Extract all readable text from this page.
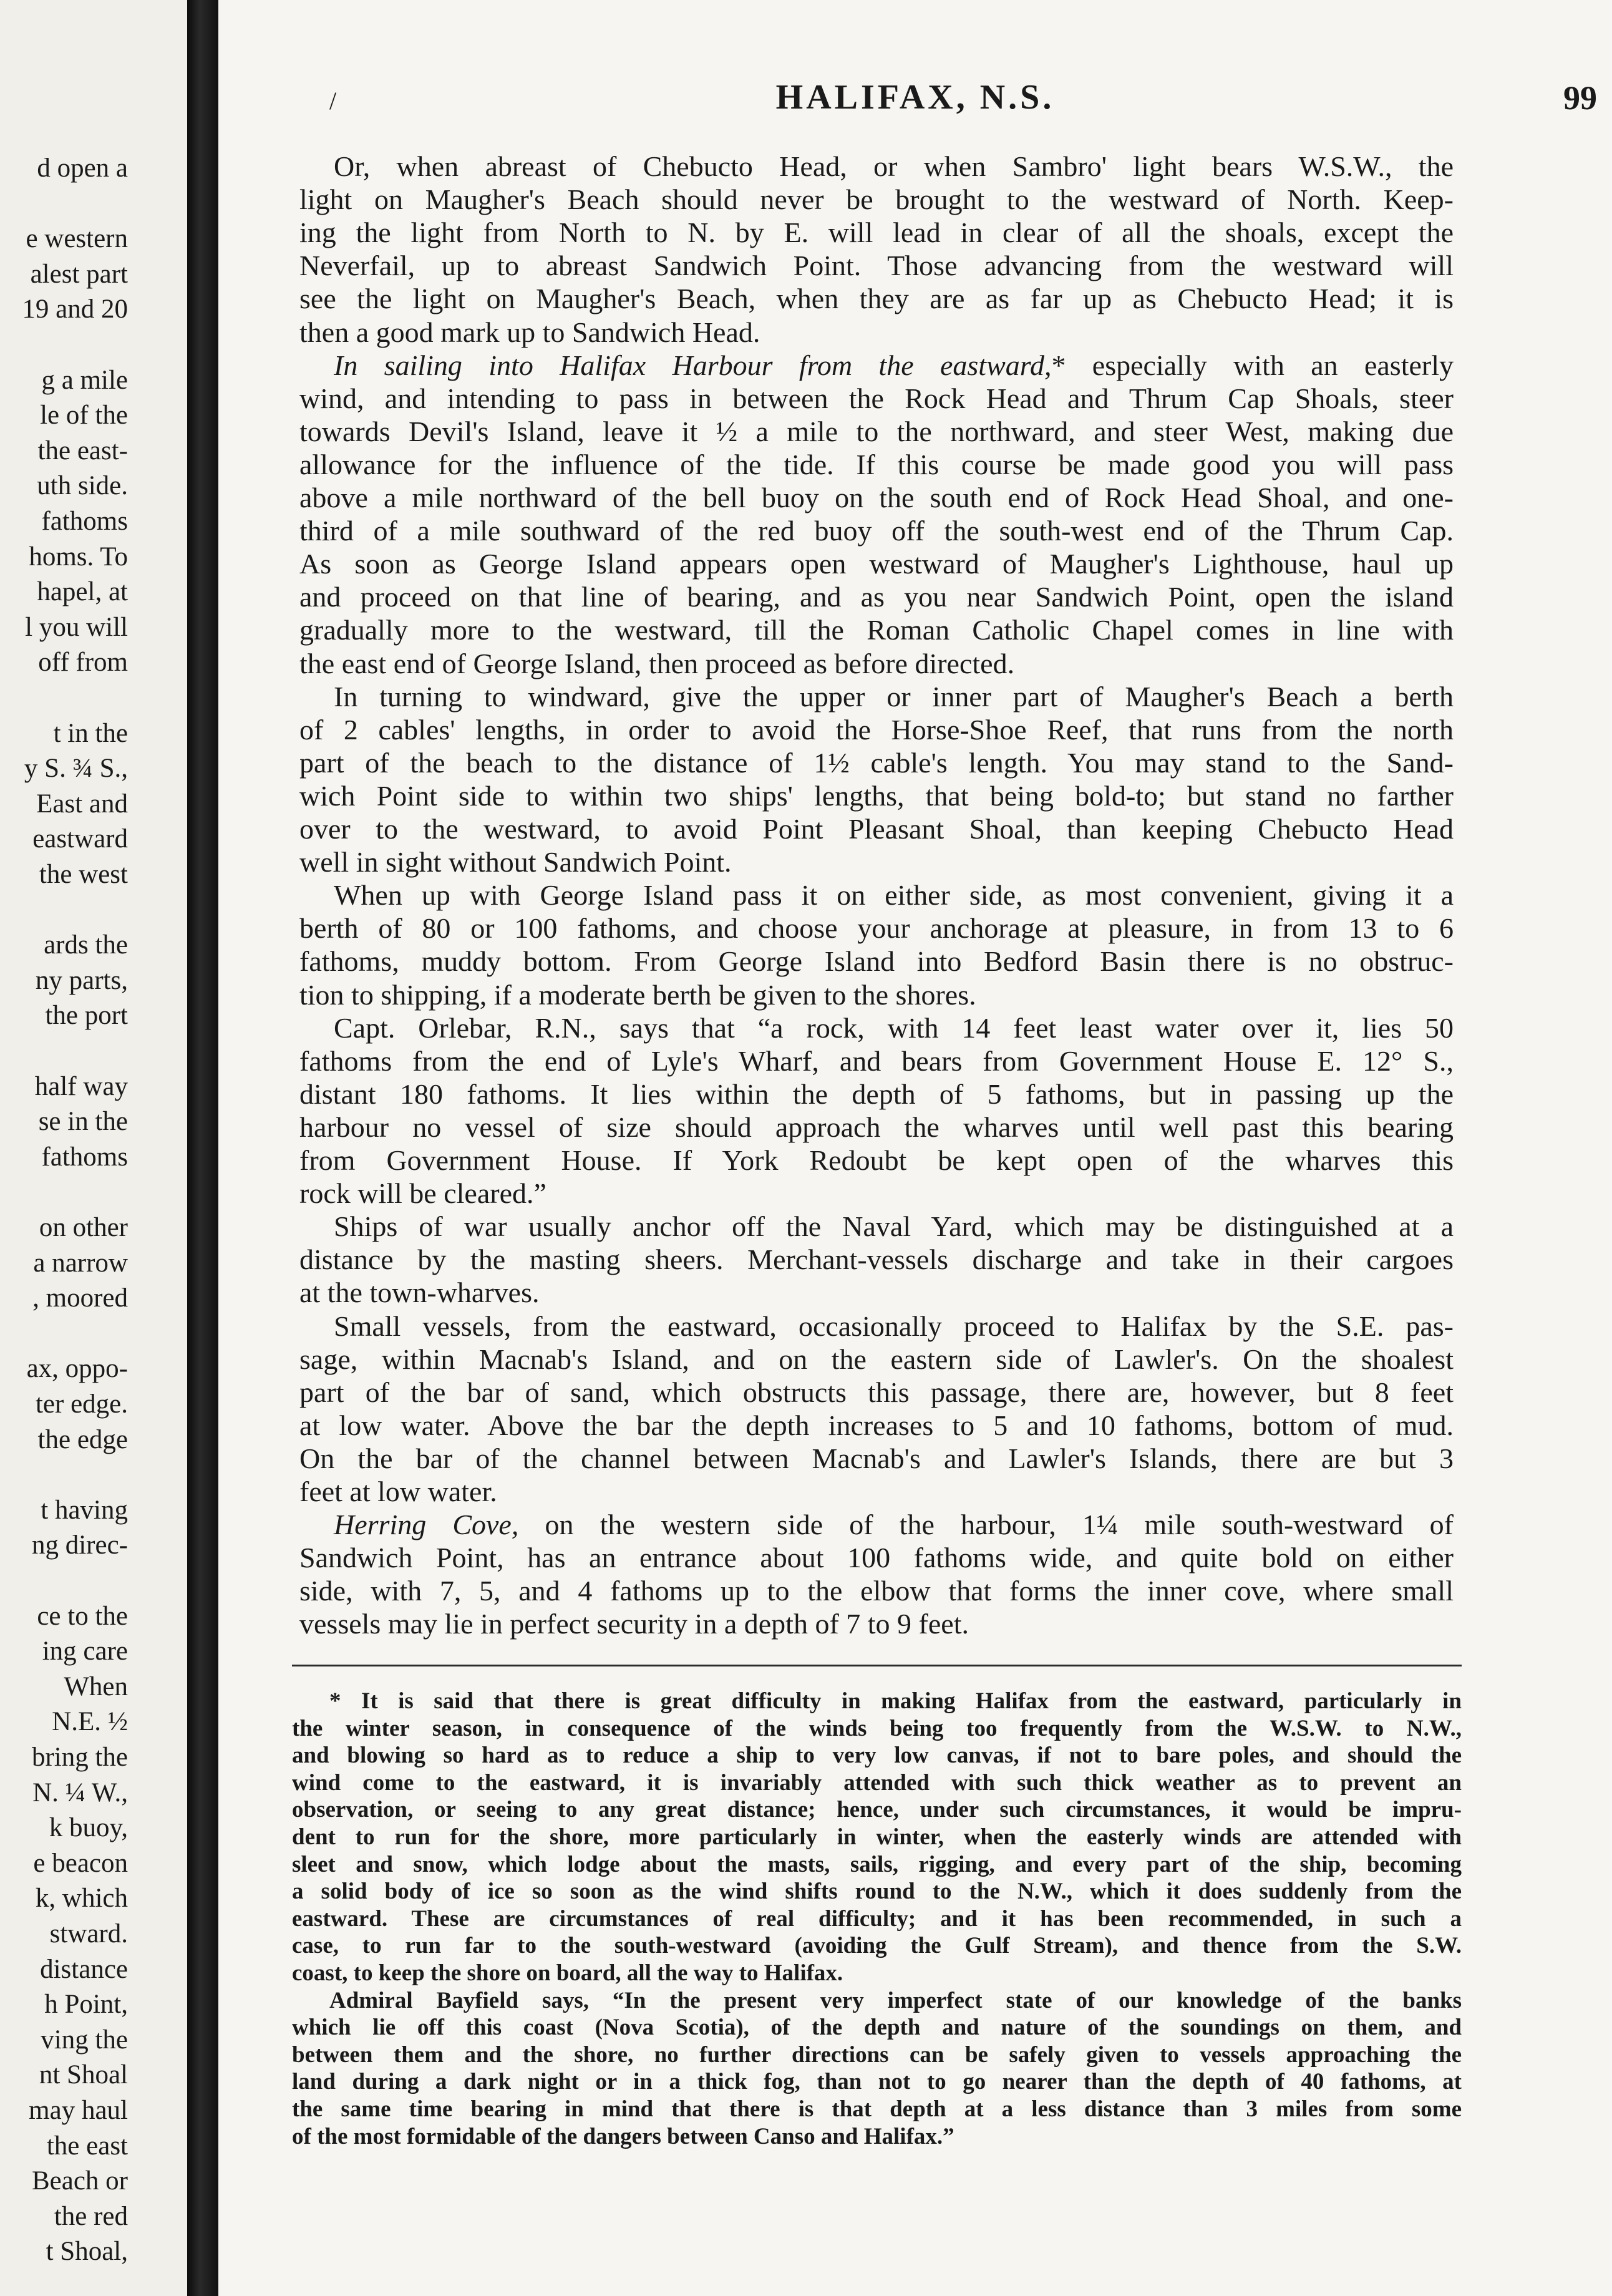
d open a
e western
alest part
19 and 20
g a mile
le of the
the east-
uth side.
fathoms
homs. To
hapel, at
l you will
off from
t in the
y S. ¾ S.,
East and
eastward
the west
ards the
ny parts,
the port
half way
se in the
fathoms
on other
a narrow
, moored
ax, oppo-
ter edge.
the edge
t having
ng direc-
ce to the
ing care
When
N.E. ½
bring the
N. ¼ W.,
k buoy,
e beacon
k, which
stward.
distance
h Point,
ving the
nt Shoal
may haul
the east
Beach or
the red
t Shoal,
/	HALIFAX, N.S.	99
Or, when abreast of Chebucto Head, or when Sambro' light bears W.S.W., the
light on Maugher's Beach should never be brought to the westward of North. Keep-
ing the light from North to N. by E. will lead in clear of all the shoals, except the
Neverfail, up to abreast Sandwich Point. Those advancing from the westward will
see the light on Maugher's Beach, when they are as far up as Chebucto Head; it is
then a good mark up to Sandwich Head.
In sailing into Halifax Harbour from the eastward,* especially with an easterly
wind, and intending to pass in between the Rock Head and Thrum Cap Shoals, steer
towards Devil's Island, leave it ½ a mile to the northward, and steer West, making due
allowance for the influence of the tide. If this course be made good you will pass
above a mile northward of the bell buoy on the south end of Rock Head Shoal, and one-
third of a mile southward of the red buoy off the south-west end of the Thrum Cap.
As soon as George Island appears open westward of Maugher's Lighthouse, haul up
and proceed on that line of bearing, and as you near Sandwich Point, open the island
gradually more to the westward, till the Roman Catholic Chapel comes in line with
the east end of George Island, then proceed as before directed.
In turning to windward, give the upper or inner part of Maugher's Beach a berth
of 2 cables' lengths, in order to avoid the Horse-Shoe Reef, that runs from the north
part of the beach to the distance of 1½ cable's length. You may stand to the Sand-
wich Point side to within two ships' lengths, that being bold-to; but stand no farther
over to the westward, to avoid Point Pleasant Shoal, than keeping Chebucto Head
well in sight without Sandwich Point.
When up with George Island pass it on either side, as most convenient, giving it a
berth of 80 or 100 fathoms, and choose your anchorage at pleasure, in from 13 to 6
fathoms, muddy bottom. From George Island into Bedford Basin there is no obstruc-
tion to shipping, if a moderate berth be given to the shores.
Capt. Orlebar, R.N., says that “a rock, with 14 feet least water over it, lies 50
fathoms from the end of Lyle's Wharf, and bears from Government House E. 12° S.,
distant 180 fathoms. It lies within the depth of 5 fathoms, but in passing up the
harbour no vessel of size should approach the wharves until well past this bearing
from Government House. If York Redoubt be kept open of the wharves this
rock will be cleared.”
Ships of war usually anchor off the Naval Yard, which may be distinguished at a
distance by the masting sheers. Merchant-vessels discharge and take in their cargoes
at the town-wharves.
Small vessels, from the eastward, occasionally proceed to Halifax by the S.E. pas-
sage, within Macnab's Island, and on the eastern side of Lawler's. On the shoalest
part of the bar of sand, which obstructs this passage, there are, however, but 8 feet
at low water. Above the bar the depth increases to 5 and 10 fathoms, bottom of mud.
On the bar of the channel between Macnab's and Lawler's Islands, there are but 3
feet at low water.
Herring Cove, on the western side of the harbour, 1¼ mile south-westward of
Sandwich Point, has an entrance about 100 fathoms wide, and quite bold on either
side, with 7, 5, and 4 fathoms up to the elbow that forms the inner cove, where small
vessels may lie in perfect security in a depth of 7 to 9 feet.
* It is said that there is great difficulty in making Halifax from the eastward, particularly in
the winter season, in consequence of the winds being too frequently from the W.S.W. to N.W.,
and blowing so hard as to reduce a ship to very low canvas, if not to bare poles, and should the
wind come to the eastward, it is invariably attended with such thick weather as to prevent an
observation, or seeing to any great distance; hence, under such circumstances, it would be impru-
dent to run for the shore, more particularly in winter, when the easterly winds are attended with
sleet and snow, which lodge about the masts, sails, rigging, and every part of the ship, becoming
a solid body of ice so soon as the wind shifts round to the N.W., which it does suddenly from the
eastward. These are circumstances of real difficulty; and it has been recommended, in such a
case, to run far to the south-westward (avoiding the Gulf Stream), and thence from the S.W.
coast, to keep the shore on board, all the way to Halifax.
Admiral Bayfield says, “In the present very imperfect state of our knowledge of the banks
which lie off this coast (Nova Scotia), of the depth and nature of the soundings on them, and
between them and the shore, no further directions can be safely given to vessels approaching the
land during a dark night or in a thick fog, than not to go nearer than the depth of 40 fathoms, at
the same time bearing in mind that there is that depth at a less distance than 3 miles from some
of the most formidable of the dangers between Canso and Halifax.”
